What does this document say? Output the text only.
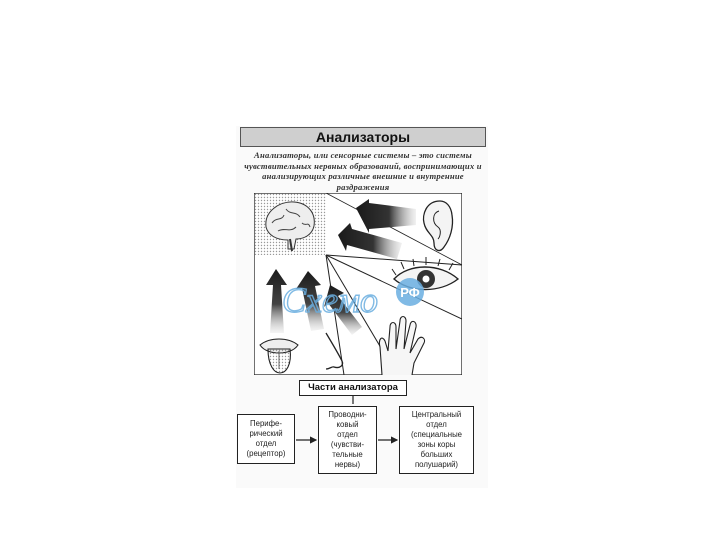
Анализаторы
Анализаторы, или сенсорные системы – это системы чувствительных нервных образований, воспринимающих и анализирующих различные внешние и внутренние раздражения
Части анализатора
Перифе-
рический
отдел
(рецептор)
Проводни-
ковый
отдел
(чувстви-
тельные
нервы)
Центральный
отдел
(специальные
зоны коры
больших
полушарий)
Схемо РФ
